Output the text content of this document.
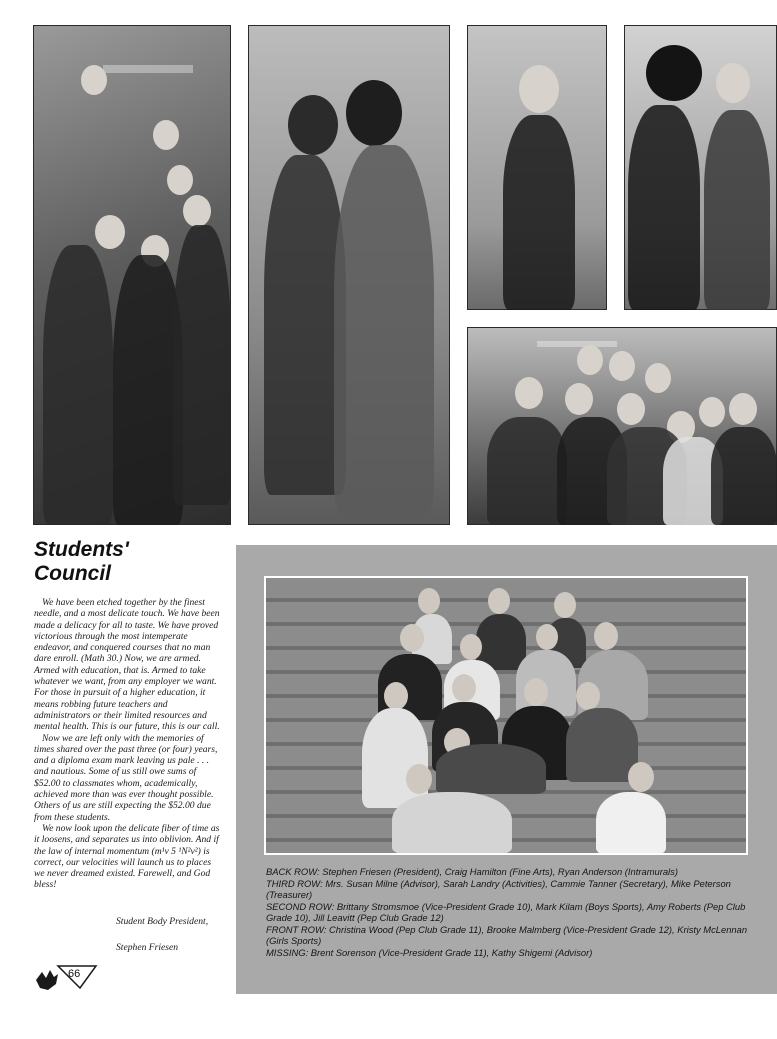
Students'
Council

We have been etched together by the finest needle, and a most delicate touch. We have been made a delicacy for all to taste. We have proved victorious through the most intemperate endeavor, and conquered courses that no man dare enroll. (Math 30.) Now, we are armed. Armed with education, that is. Armed to take whatever we want, from any employer we want. For those in pursuit of a higher education, it means robbing future teachers and administrators or their limited resources and mental health. This is our future, this is our call.

Now we are left only with the memories of times shared over the past three (or four) years, and a diploma exam mark leaving us pale . . . and nautious. Some of us still owe sums of $52.00 to classmates whom, academically, achieved more than was ever thought possible. Others of us are still expecting the $52.00 due from these students.

We now look upon the delicate fiber of time as it loosens, and separates us into oblivion. And if the law of internal momentum (m¹v 5 ¹N²v²) is correct, our velocities will launch us to places we never dreamed existed. Farewell, and God bless!

Student Body President,
Stephen Friesen
BACK ROW: Stephen Friesen (President), Craig Hamilton (Fine Arts), Ryan Anderson (Intramurals)
THIRD ROW: Mrs. Susan Milne (Advisor), Sarah Landry (Activities), Cammie Tanner (Secretary), Mike Peterson (Treasurer)
SECOND ROW: Brittany Stromsmoe (Vice-President Grade 10), Mark Kilam (Boys Sports), Amy Roberts (Pep Club Grade 10), Jill Leavitt (Pep Club Grade 12)
FRONT ROW: Christina Wood (Pep Club Grade 11), Brooke Malmberg (Vice-President Grade 12), Kristy McLennan (Girls Sports)
MISSING: Brent Sorenson (Vice-President Grade 11), Kathy Shigemi (Advisor)
66
